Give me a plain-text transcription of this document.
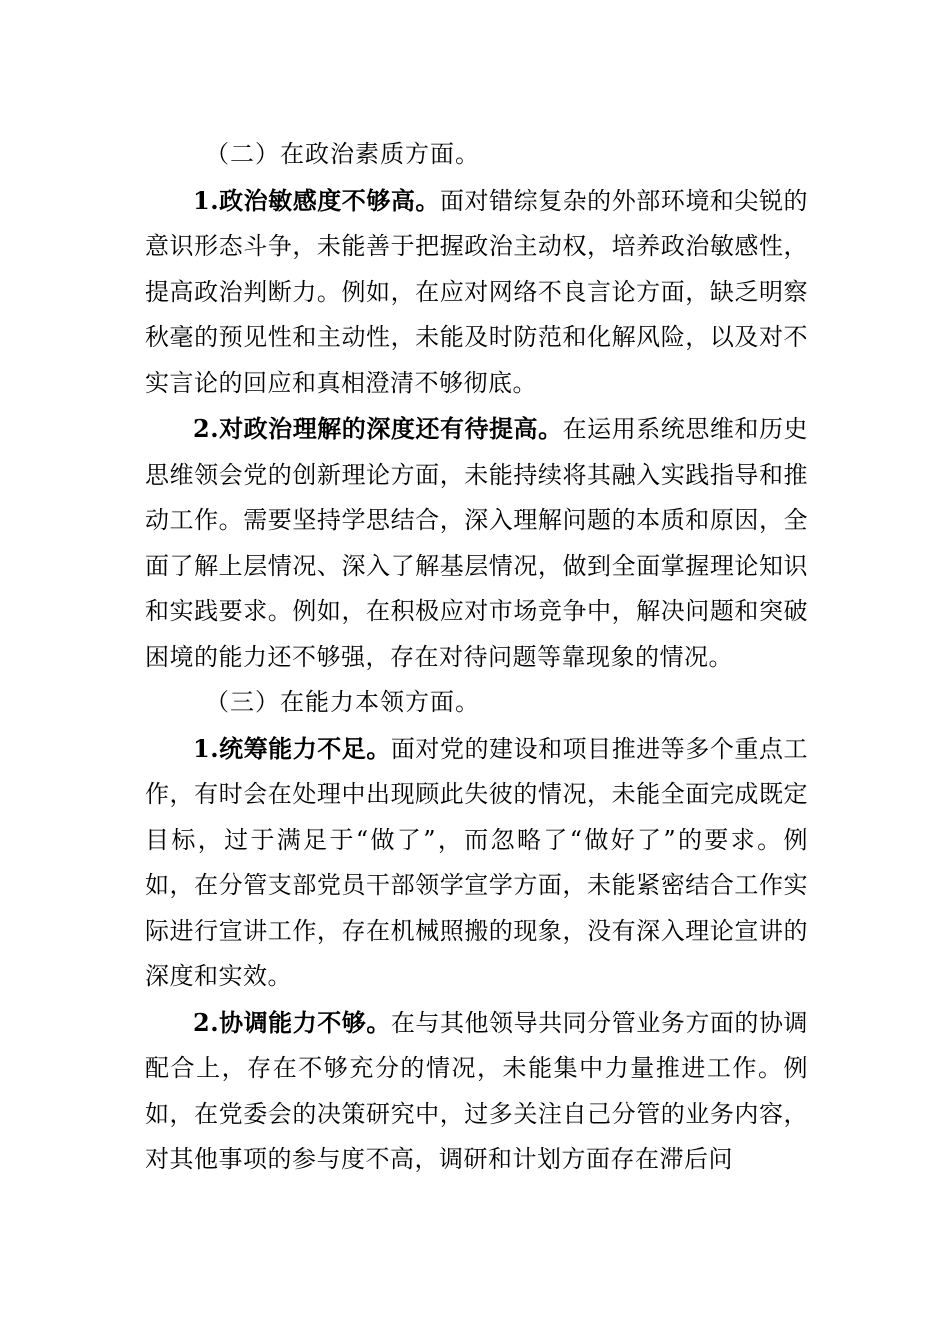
（二）在政治素质方面。

1.政治敏感度不够高。面对错综复杂的外部环境和尖锐的意识形态斗争，未能善于把握政治主动权，培养政治敏感性，提高政治判断力。例如，在应对网络不良言论方面，缺乏明察秋毫的预见性和主动性，未能及时防范和化解风险，以及对不实言论的回应和真相澄清不够彻底。

2.对政治理解的深度还有待提高。在运用系统思维和历史思维领会党的创新理论方面，未能持续将其融入实践指导和推动工作。需要坚持学思结合，深入理解问题的本质和原因，全面了解上层情况、深入了解基层情况，做到全面掌握理论知识和实践要求。例如，在积极应对市场竞争中，解决问题和突破困境的能力还不够强，存在对待问题等靠现象的情况。

（三）在能力本领方面。

1.统筹能力不足。面对党的建设和项目推进等多个重点工作，有时会在处理中出现顾此失彼的情况，未能全面完成既定目标，过于满足于“做了”，而忽略了“做好了”的要求。例如，在分管支部党员干部领学宣学方面，未能紧密结合工作实际进行宣讲工作，存在机械照搬的现象，没有深入理论宣讲的深度和实效。

2.协调能力不够。在与其他领导共同分管业务方面的协调配合上，存在不够充分的情况，未能集中力量推进工作。例如，在党委会的决策研究中，过多关注自己分管的业务内容，对其他事项的参与度不高，调研和计划方面存在滞后问
